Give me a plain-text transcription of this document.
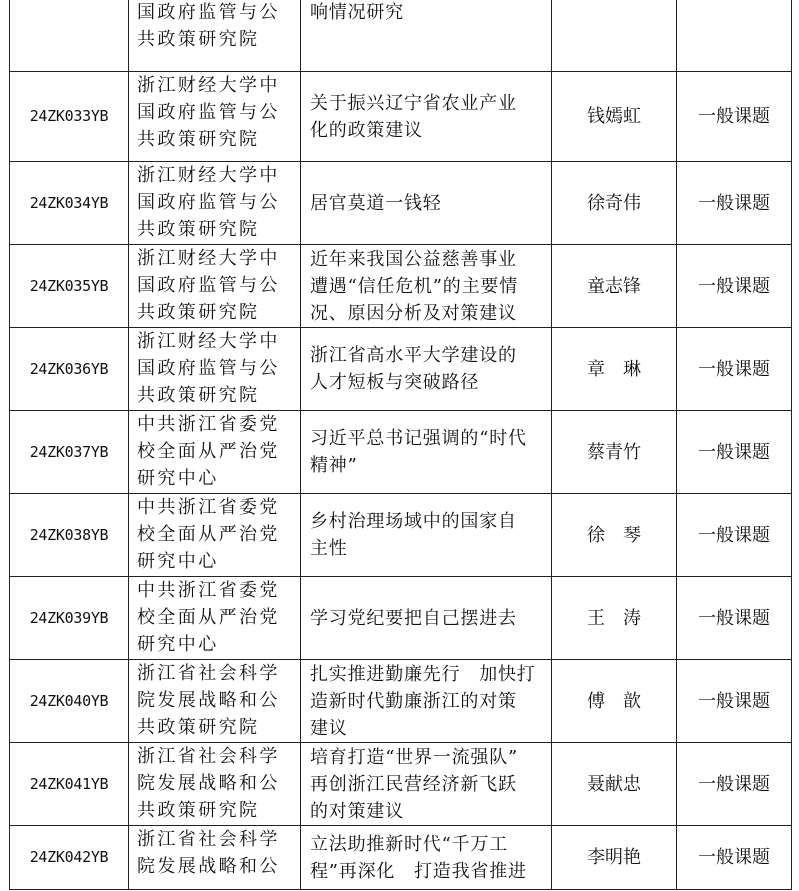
	国政府监管与公
共政策研究院	响情况研究		

24ZK033YB	浙江财经大学中
国政府监管与公
共政策研究院	关于振兴辽宁省农业产业
化的政策建议	钱嫣虹	一般课题
24ZK034YB	浙江财经大学中
国政府监管与公
共政策研究院	居官莫道一钱轻	徐奇伟	一般课题
24ZK035YB	浙江财经大学中
国政府监管与公
共政策研究院	近年来我国公益慈善事业
遭遇“信任危机”的主要情
况、原因分析及对策建议	童志锋	一般课题
24ZK036YB	浙江财经大学中
国政府监管与公
共政策研究院	浙江省高水平大学建设的
人才短板与突破路径	章　琳	一般课题
24ZK037YB	中共浙江省委党
校全面从严治党
研究中心	习近平总书记强调的“时代
精神”	蔡青竹	一般课题
24ZK038YB	中共浙江省委党
校全面从严治党
研究中心	乡村治理场域中的国家自
主性	徐　琴	一般课题
24ZK039YB	中共浙江省委党
校全面从严治党
研究中心	学习党纪要把自己摆进去	王　涛	一般课题
24ZK040YB	浙江省社会科学
院发展战略和公
共政策研究院	扎实推进勤廉先行　加快打
造新时代勤廉浙江的对策
建议	傅　歆	一般课题
24ZK041YB	浙江省社会科学
院发展战略和公
共政策研究院	培育打造“世界一流强队”
再创浙江民营经济新飞跃
的对策建议	聂献忠	一般课题
24ZK042YB	浙江省社会科学
院发展战略和公	立法助推新时代“千万工
程”再深化　打造我省推进	李明艳	一般课题
